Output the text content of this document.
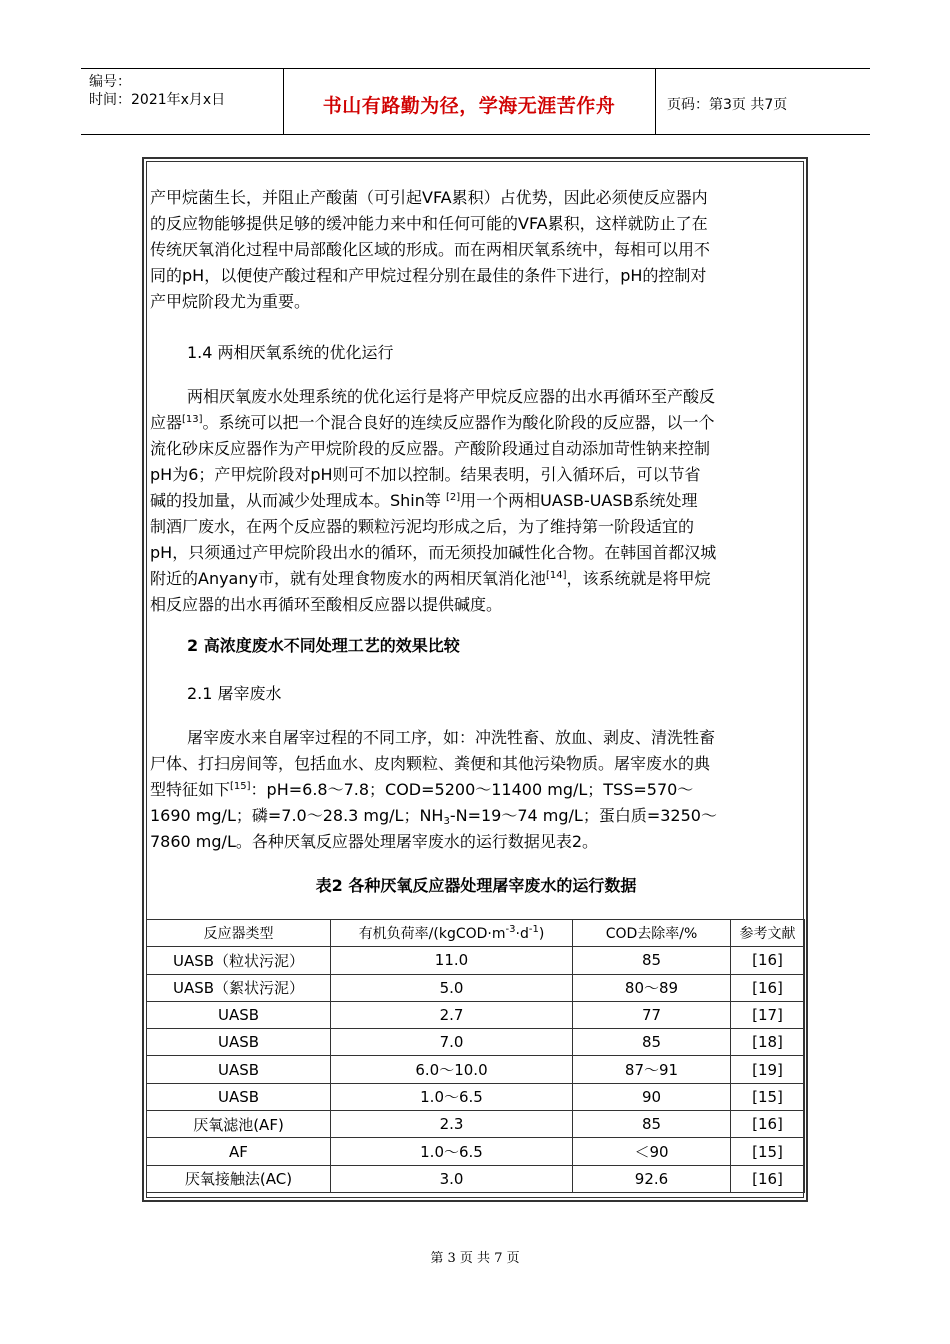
编号：
时间：2021年x月x日	书山有路勤为径，学海无涯苦作舟	页码：第3页 共7页
产甲烷菌生长，并阻止产酸菌（可引起VFA累积）占优势，因此必须使反应器内
的反应物能够提供足够的缓冲能力来中和任何可能的VFA累积，这样就防止了在
传统厌氧消化过程中局部酸化区域的形成。而在两相厌氧系统中，每相可以用不
同的pH，以便使产酸过程和产甲烷过程分别在最佳的条件下进行，pH的控制对
产甲烷阶段尤为重要。
1.4 两相厌氧系统的优化运行
两相厌氧废水处理系统的优化运行是将产甲烷反应器的出水再循环至产酸反
应器[13]。系统可以把一个混合良好的连续反应器作为酸化阶段的反应器，以一个
流化砂床反应器作为产甲烷阶段的反应器。产酸阶段通过自动添加苛性钠来控制
pH为6；产甲烷阶段对pH则可不加以控制。结果表明，引入循环后，可以节省
碱的投加量，从而减少处理成本。Shin等 [2]用一个两相UASB-UASB系统处理
制酒厂废水，在两个反应器的颗粒污泥均形成之后，为了维持第一阶段适宜的
pH，只须通过产甲烷阶段出水的循环，而无须投加碱性化合物。在韩国首都汉城
附近的Anyany市，就有处理食物废水的两相厌氧消化池[14]，该系统就是将甲烷
相反应器的出水再循环至酸相反应器以提供碱度。
2 高浓度废水不同处理工艺的效果比较
2.1 屠宰废水
屠宰废水来自屠宰过程的不同工序，如：冲洗牲畜、放血、剥皮、清洗牲畜
尸体、打扫房间等，包括血水、皮肉颗粒、粪便和其他污染物质。屠宰废水的典
型特征如下[15]：pH=6.8～7.8；COD=5200～11400 mg/L；TSS=570～
1690 mg/L；磷=7.0～28.3 mg/L；$NH_3-N=19\sim 74$ mg/L；蛋白质=3250～
7860 mg/L。各种厌氧反应器处理屠宰废水的运行数据见表2。
表2 各种厌氧反应器处理屠宰废水的运行数据
反应器类型	有机负荷率$/(kgCOD\cdot m^{-3}\cdot d^{-1})$	COD去除率/%	参考文献
UASB（粒状污泥）	11.0	85	[16]
UASB（絮状污泥）	5.0	80～89	[16]
UASB	2.7	77	[17]
UASB	7.0	85	[18]
UASB	6.0～10.0	87～91	[19]
UASB	1.0～6.5	90	[15]
厌氧滤池(AF)	2.3	85	[16]
AF	1.0～6.5	＜90	[15]
厌氧接触法(AC)	3.0	92.6	[16]
第 3 页 共 7 页
